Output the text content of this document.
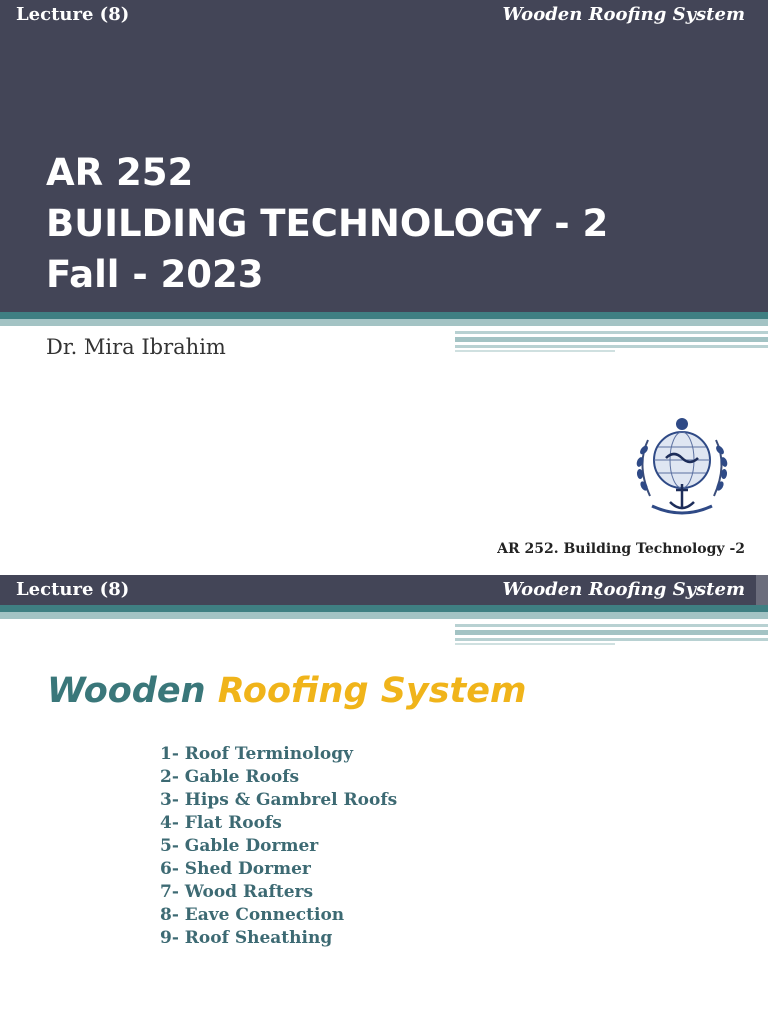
Lecture (8)	Wooden Roofing System
AR 252
BUILDING TECHNOLOGY - 2
Fall - 2023
Dr. Mira Ibrahim
AR 252. Building Technology -2
Lecture (8)	Wooden Roofing System
Wooden Roofing System
1- Roof Terminology
2- Gable Roofs
3- Hips & Gambrel Roofs
4- Flat Roofs
5- Gable Dormer
6- Shed Dormer
7- Wood Rafters
8- Eave Connection
9- Roof Sheathing
